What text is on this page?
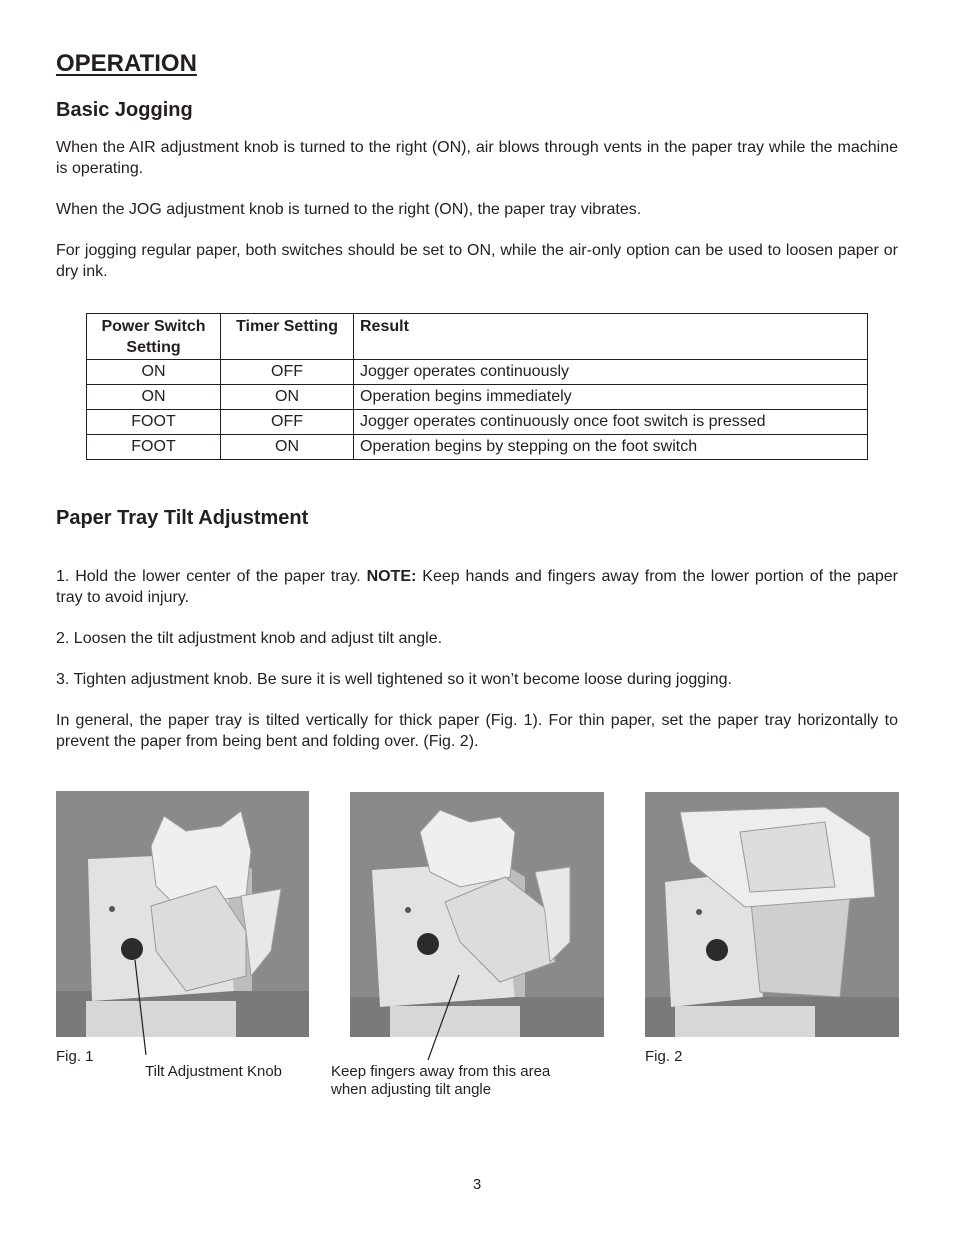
OPERATION
Basic Jogging

When the AIR adjustment knob is turned to the right (ON), air blows through vents in the paper tray while the machine is operating.

When the JOG adjustment knob is turned to the right (ON), the paper tray vibrates.

For jogging regular paper, both switches should be set to ON, while the air-only option can be used to loosen paper or dry ink.

Power Switch Setting	Timer Setting	Result
ON	OFF	Jogger operates continuously
ON	ON	Operation begins immediately
FOOT	OFF	Jogger operates continuously once foot switch is pressed
FOOT	ON	Operation begins by stepping on the foot switch
Paper Tray Tilt Adjustment

1. Hold the lower center of the paper tray. NOTE: Keep hands and fingers away from the lower portion of the paper tray to avoid injury.

2. Loosen the tilt adjustment knob and adjust tilt angle.

3. Tighten adjustment knob. Be sure it is well tightened so it won’t become loose during jogging.

In general, the paper tray is tilted vertically for thick paper (Fig. 1). For thin paper, set the paper tray horizontally to prevent the paper from being bent and folding over. (Fig. 2).

Fig. 1

Tilt Adjustment Knob	Keep fingers away from this area

when adjusting tilt angle

Fig. 2

3
